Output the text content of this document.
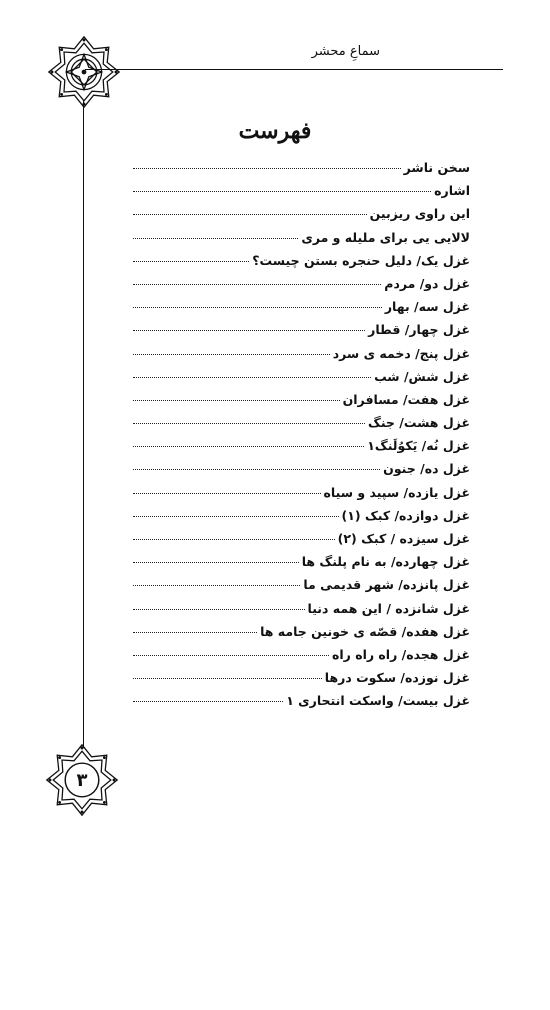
سماعِ محشر
۳
فهرست
سخن ناشر
اشاره
این راوی ریزبین
لالایی یی برای ملیله و مری
غزل یک/ دلیل حنجره بستن چیست؟
غزل دو/ مردم
غزل سه/ بهار
غزل چهار/ قطار
غزل پنج/ دخمه ی سرد
غزل شش/ شب
غزل هفت/ مسافران
غزل هشت/ جنگ
غزل نُه/ یَکوُلَنگ۱
غزل ده/ جنون
غزل یازده/ سپید و سیاه
غزل دوازده/ کبک (۱)
غزل سیزده / کبک (۲)
غزل چهارده/ به نام پلنگ ها
غزل پانزده/ شهر قدیمی ما
غزل شانزده / این همه دنیا
غزل هفده/ قصّه ی خونین جامه ها
غزل هجده/ راه راه راه
غزل نوزده/ سکوت درها
غزل بیست/ واسکت انتحاری ۱
